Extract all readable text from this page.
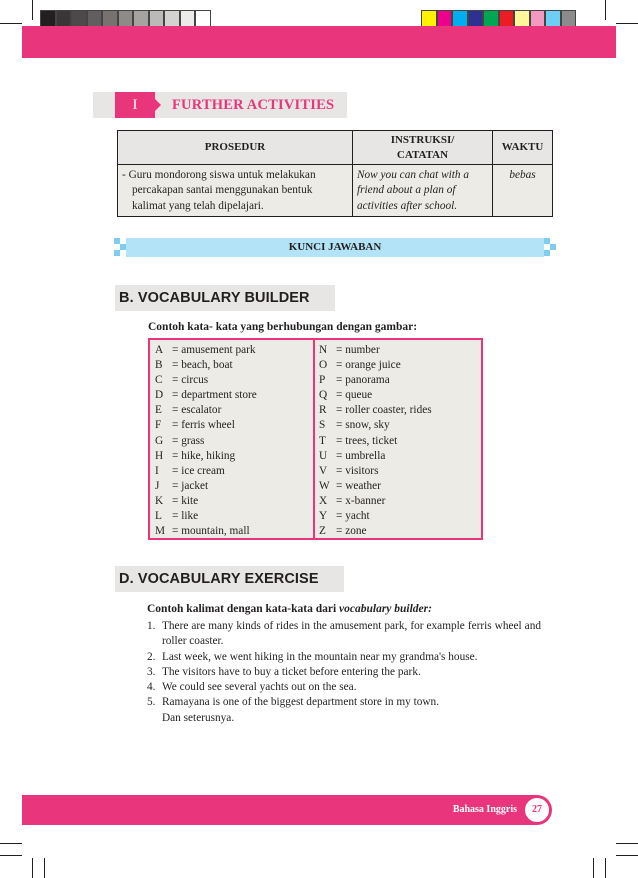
I	FURTHER ACTIVITIES
PROSEDUR	INSTRUKSI/ CATATAN	WAKTU

- Guru mondorong siswa untuk melakukan percakapan santai menggunakan bentuk kalimat yang telah dipelajari.	Now you can chat with a friend about a plan of activities after school.	bebas
KUNCI JAWABAN
B. VOCABULARY BUILDER
Contoh kata- kata yang berhubungan dengan gambar:
A = amusement park
B = beach, boat
C = circus
D = department store
E = escalator
F = ferris wheel
G = grass
H = hike, hiking
I	= ice cream
J	= jacket
K = kite
L = like
M = mountain, mall
N = number
O = orange juice
P = panorama
Q = queue
R = roller coaster, rides
S = snow, sky
T = trees, ticket
U = umbrella
V = visitors
W = weather
X = x-banner
Y = yacht
Z = zone
D. VOCABULARY EXERCISE
Contoh kalimat dengan kata-kata dari vocabulary builder:
1. There are many kinds of rides in the amusement park, for example ferris wheel and roller coaster.
2. Last week, we went hiking in the mountain near my grandma's house.
3. The visitors have to buy a ticket before entering the park.
4. We could see several yachts out on the sea.
5. Ramayana is one of the biggest department store in my town.
Dan seterusnya.
Bahasa Inggris	27
